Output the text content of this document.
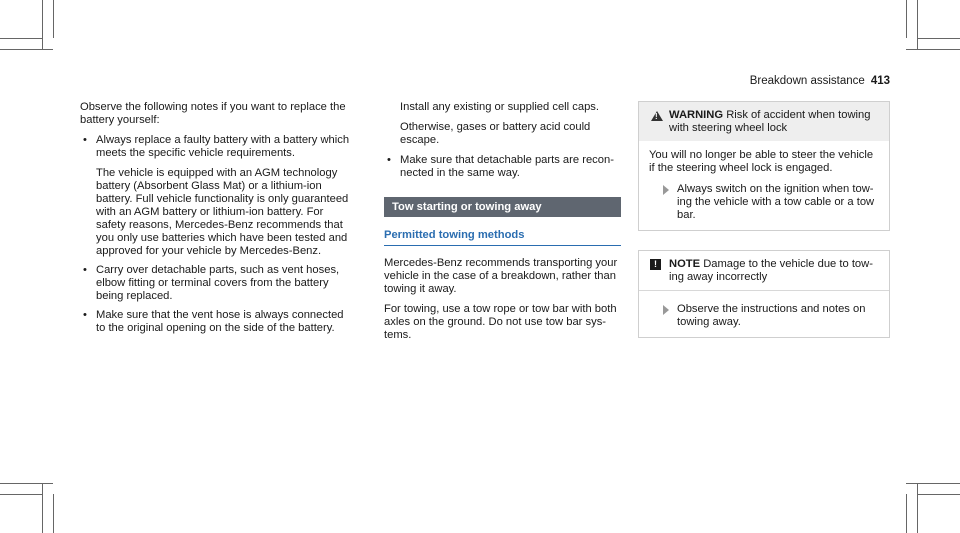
Breakdown assistance 413

Observe the following notes if you want to replace the battery yourself:

• Always replace a faulty battery with a battery which meets the specific vehicle requirements.
The vehicle is equipped with an AGM technology battery (Absorbent Glass Mat) or a lithium-ion battery. Full vehicle functionality is only guaranteed with an AGM battery or lithium-ion battery. For safety reasons, Mercedes-Benz recommends that you only use batteries which have been tested and approved for your vehicle by Mercedes-Benz.
• Carry over detachable parts, such as vent hoses, elbow fitting or terminal covers from the battery being replaced.
• Make sure that the vent hose is always connected to the original opening on the side of the battery.
Install any existing or supplied cell caps.
Otherwise, gases or battery acid could escape.
• Make sure that detachable parts are reconnected in the same way.
Tow starting or towing away
Permitted towing methods

Mercedes-Benz recommends transporting your vehicle in the case of a breakdown, rather than towing it away.

For towing, use a tow rope or tow bar with both axles on the ground. Do not use tow bar systems.

!
WARNING Risk of accident when towing with steering wheel lock
You will no longer be able to steer the vehicle if the steering wheel lock is engaged.
Always switch on the ignition when towing the vehicle with a tow cable or a tow bar.
!	NOTE Damage to the vehicle due to towing away incorrectly
Observe the instructions and notes on towing away.
